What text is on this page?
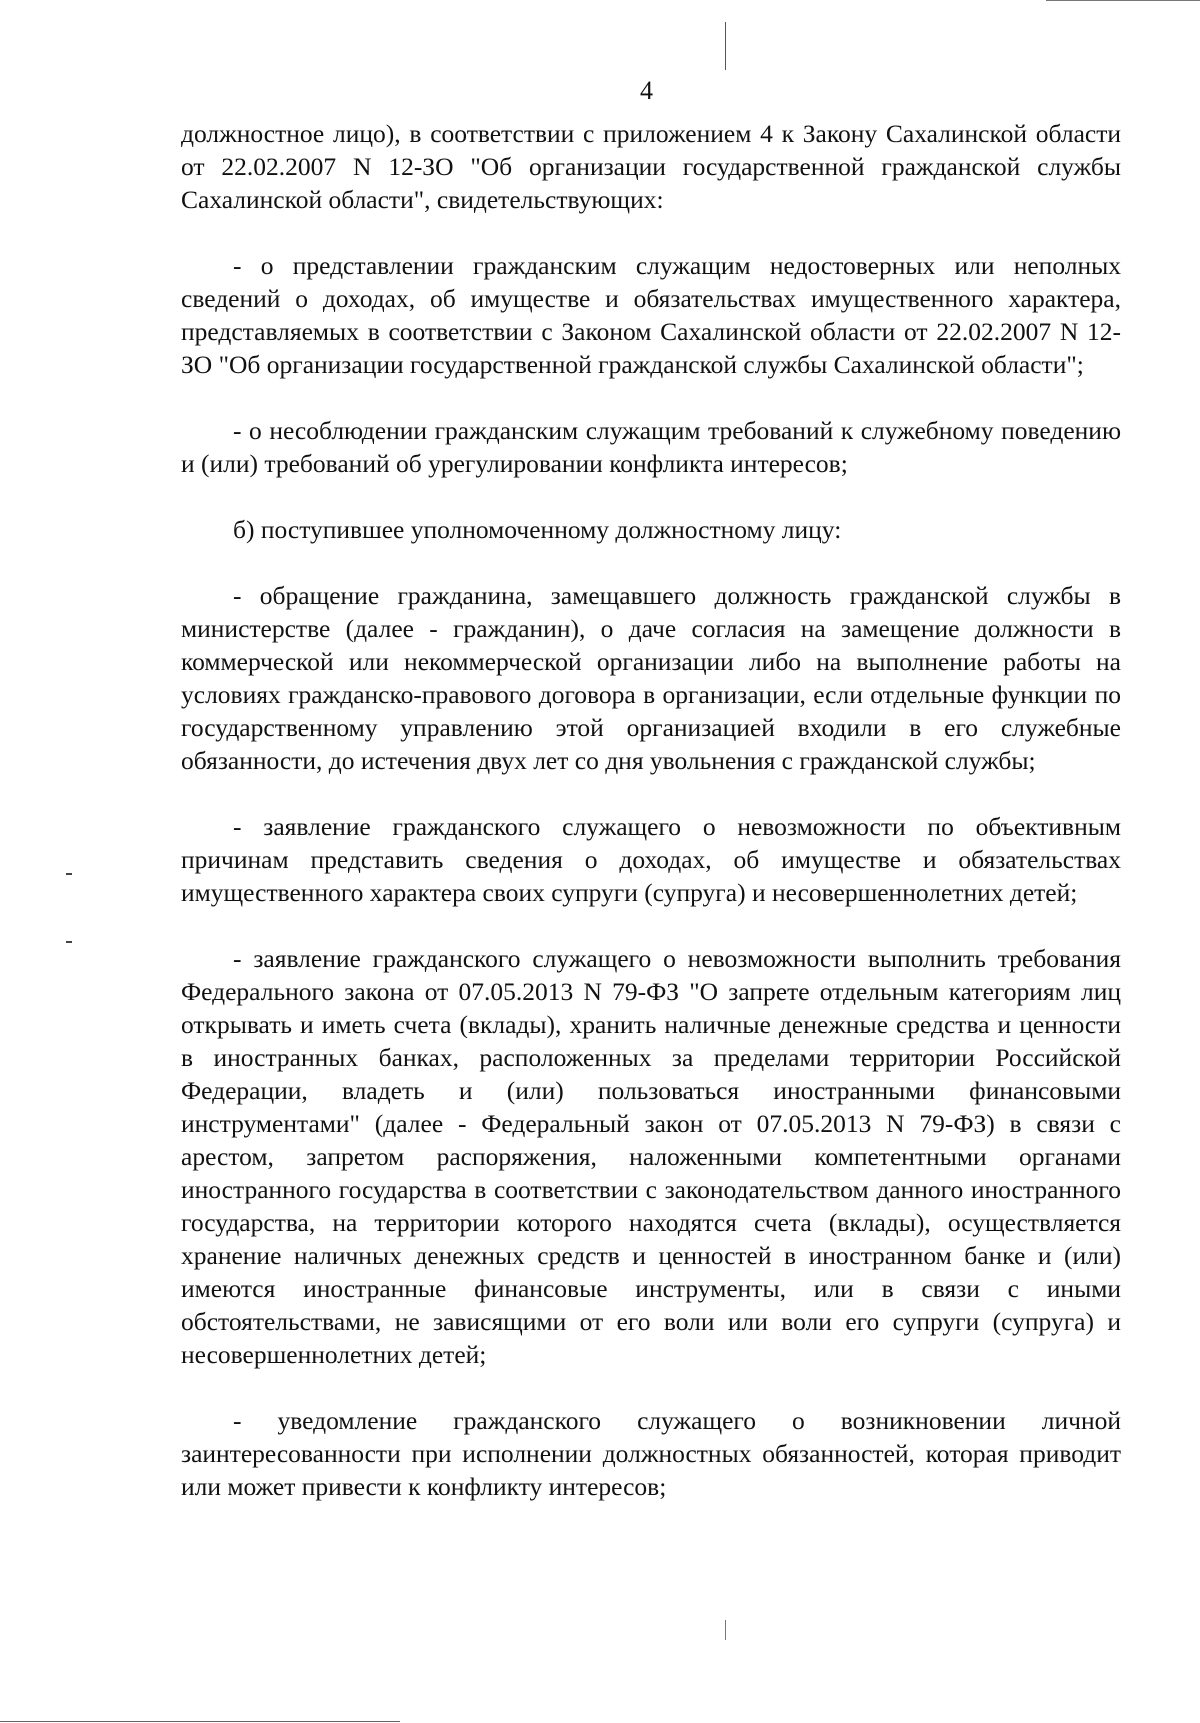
4

должностное лицо), в соответствии с приложением 4 к Закону Сахалинской области от 22.02.2007 N 12-ЗО "Об организации государственной гражданской службы Сахалинской области", свидетельствующих:

- о представлении гражданским служащим недостоверных или неполных сведений о доходах, об имуществе и обязательствах имущественного характера, представляемых в соответствии с Законом Сахалинской области от 22.02.2007 N 12-ЗО "Об организации государственной гражданской службы Сахалинской области";

- о несоблюдении гражданским служащим требований к служебному поведению и (или) требований об урегулировании конфликта интересов;

б) поступившее уполномоченному должностному лицу:

- обращение гражданина, замещавшего должность гражданской службы в министерстве (далее - гражданин), о даче согласия на замещение должности в коммерческой или некоммерческой организации либо на выполнение работы на условиях гражданско-правового договора в организации, если отдельные функции по государственному управлению этой организацией входили в его служебные обязанности, до истечения двух лет со дня увольнения с гражданской службы;

- заявление гражданского служащего о невозможности по объективным причинам представить сведения о доходах, об имуществе и обязательствах имущественного характера своих супруги (супруга) и несовершеннолетних детей;

- заявление гражданского служащего о невозможности выполнить требования Федерального закона от 07.05.2013 N 79-ФЗ "О запрете отдельным категориям лиц открывать и иметь счета (вклады), хранить наличные денежные средства и ценности в иностранных банках, расположенных за пределами территории Российской Федерации, владеть и (или) пользоваться иностранными финансовыми инструментами" (далее - Федеральный закон от 07.05.2013 N 79-ФЗ) в связи с арестом, запретом распоряжения, наложенными компетентными органами иностранного государства в соответствии с законодательством данного иностранного государства, на территории которого находятся счета (вклады), осуществляется хранение наличных денежных средств и ценностей в иностранном банке и (или) имеются иностранные финансовые инструменты, или в связи с иными обстоятельствами, не зависящими от его воли или воли его супруги (супруга) и несовершеннолетних детей;

- уведомление гражданского служащего о возникновении личной заинтересованности при исполнении должностных обязанностей, которая приводит или может привести к конфликту интересов;
